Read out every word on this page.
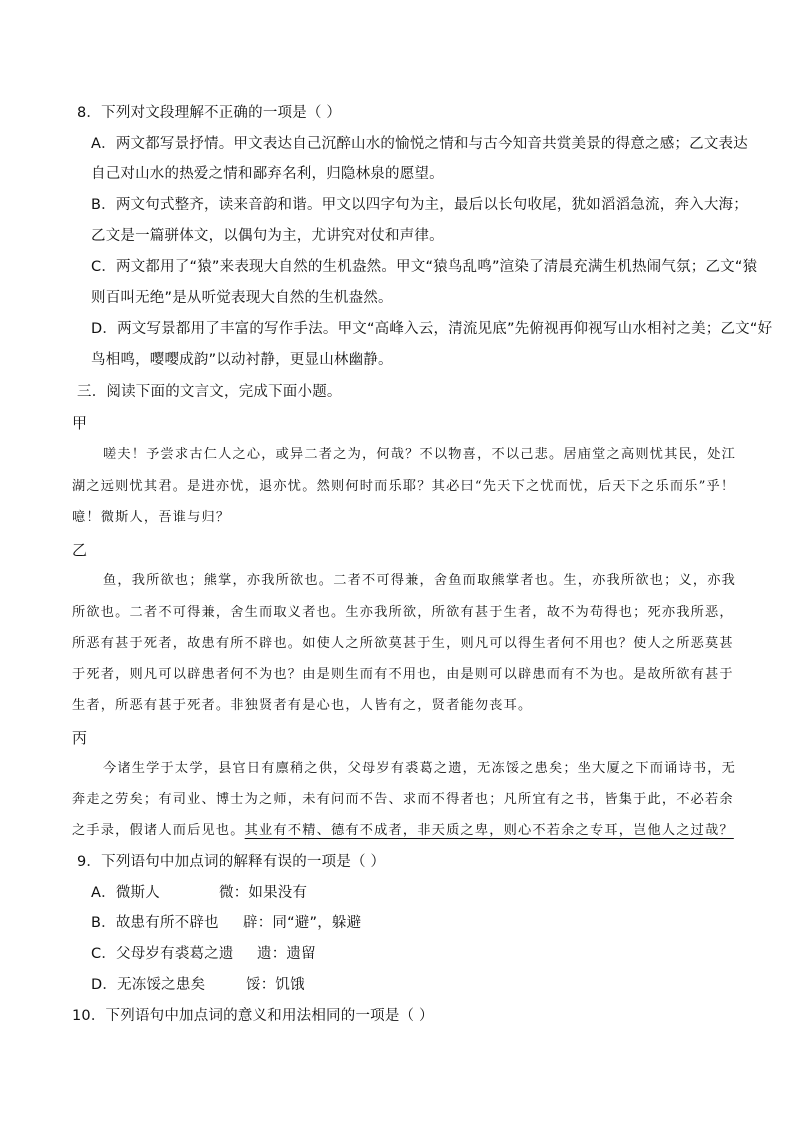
8．下列对文段理解不正确的一项是（ ）
A．两文都写景抒情。甲文表达自己沉醉山水的愉悦之情和与古今知音共赏美景的得意之感；乙文表达
自己对山水的热爱之情和鄙弃名利，归隐林泉的愿望。
B．两文句式整齐，读来音韵和谐。甲文以四字句为主，最后以长句收尾，犹如滔滔急流，奔入大海；
乙文是一篇骈体文，以偶句为主，尤讲究对仗和声律。
C．两文都用了“猿”来表现大自然的生机盎然。甲文“猿鸟乱鸣”渲染了清晨充满生机热闹气氛；乙文“猿
则百叫无绝”是从听觉表现大自然的生机盎然。
D．两文写景都用了丰富的写作手法。甲文“高峰入云，清流见底”先俯视再仰视写山水相衬之美；乙文“好
鸟相鸣，嘤嘤成韵”以动衬静，更显山林幽静。
三．阅读下面的文言文，完成下面小题。
甲
嗟夫！予尝求古仁人之心，或异二者之为，何哉？不以物喜，不以己悲。居庙堂之高则忧其民，处江
湖之远则忧其君。是进亦忧，退亦忧。然则何时而乐耶？其必曰“先天下之忧而忧，后天下之乐而乐”乎！
噫！微斯人，吾谁与归？
乙
鱼，我所欲也；熊掌，亦我所欲也。二者不可得兼，舍鱼而取熊掌者也。生，亦我所欲也；义，亦我
所欲也。二者不可得兼，舍生而取义者也。生亦我所欲，所欲有甚于生者，故不为苟得也；死亦我所恶，
所恶有甚于死者，故患有所不辟也。如使人之所欲莫甚于生，则凡可以得生者何不用也？使人之所恶莫甚
于死者，则凡可以辟患者何不为也？由是则生而有不用也，由是则可以辟患而有不为也。是故所欲有甚于
生者，所恶有甚于死者。非独贤者有是心也，人皆有之，贤者能勿丧耳。
丙
今诸生学于太学，县官日有廪稍之供，父母岁有裘葛之遗，无冻馁之患矣；坐大厦之下而诵诗书，无
奔走之劳矣；有司业、博士为之师，未有问而不告、求而不得者也；凡所宜有之书，皆集于此，不必若余
之手录，假诸人而后见也。其业有不精、德有不成者，非天质之卑，则心不若余之专耳，岂他人之过哉？
9．下列语句中加点词的解释有误的一项是（ ）
A．微斯人	微：如果没有
B．故患有所不辟也 辟：同“避”，躲避
C．父母岁有裘葛之遗 遗：遗留
D．无冻馁之患矣	馁：饥饿
10．下列语句中加点词的意义和用法相同的一项是（ ）
